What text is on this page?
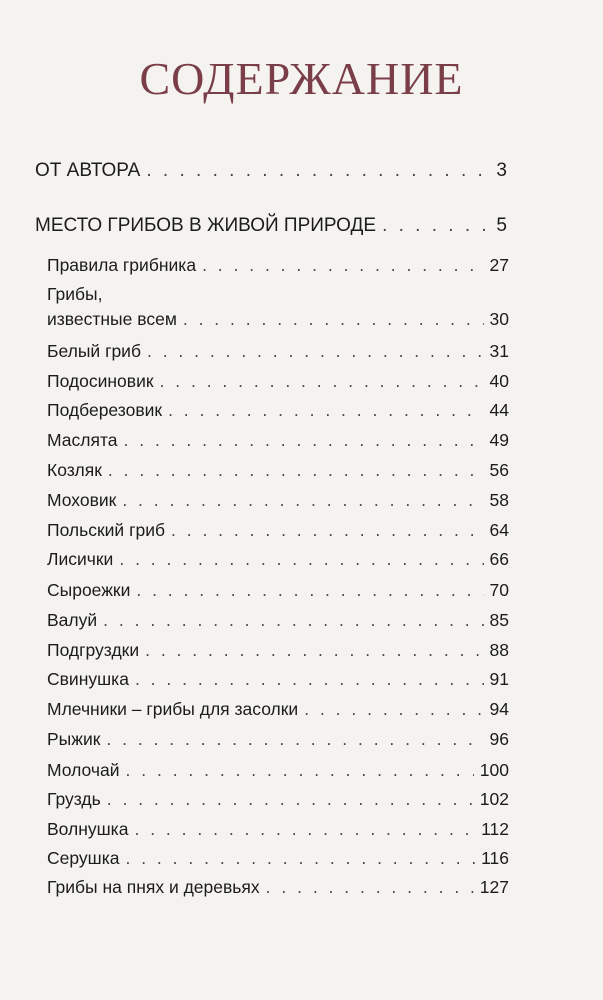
СОДЕРЖАНИЕ
ОТ АВТОРА . . .	3
МЕСТО ГРИБОВ В ЖИВОЙ ПРИРОДЕ . . .	5
Правила грибника . . .	27
Грибы,
известные всем . . .	30
Белый гриб . . .	31
Подосиновик . . .	40
Подберезовик . . .	44
Маслята . . .	49
Козляк . . .	56
Моховик . . .	58
Польский гриб . . .	64
Лисички . . .	66
Сыроежки . . .	70
Валуй . . .	85
Подгруздки . . .	88
Свинушка . . .	91
Млечники – грибы для засолки . . .	94
Рыжик . . .	96
Молочай . . .	100
Груздь . . .	102
Волнушка . . .	112
Серушка . . .	116
Грибы на пнях и деревьях . . .	127
